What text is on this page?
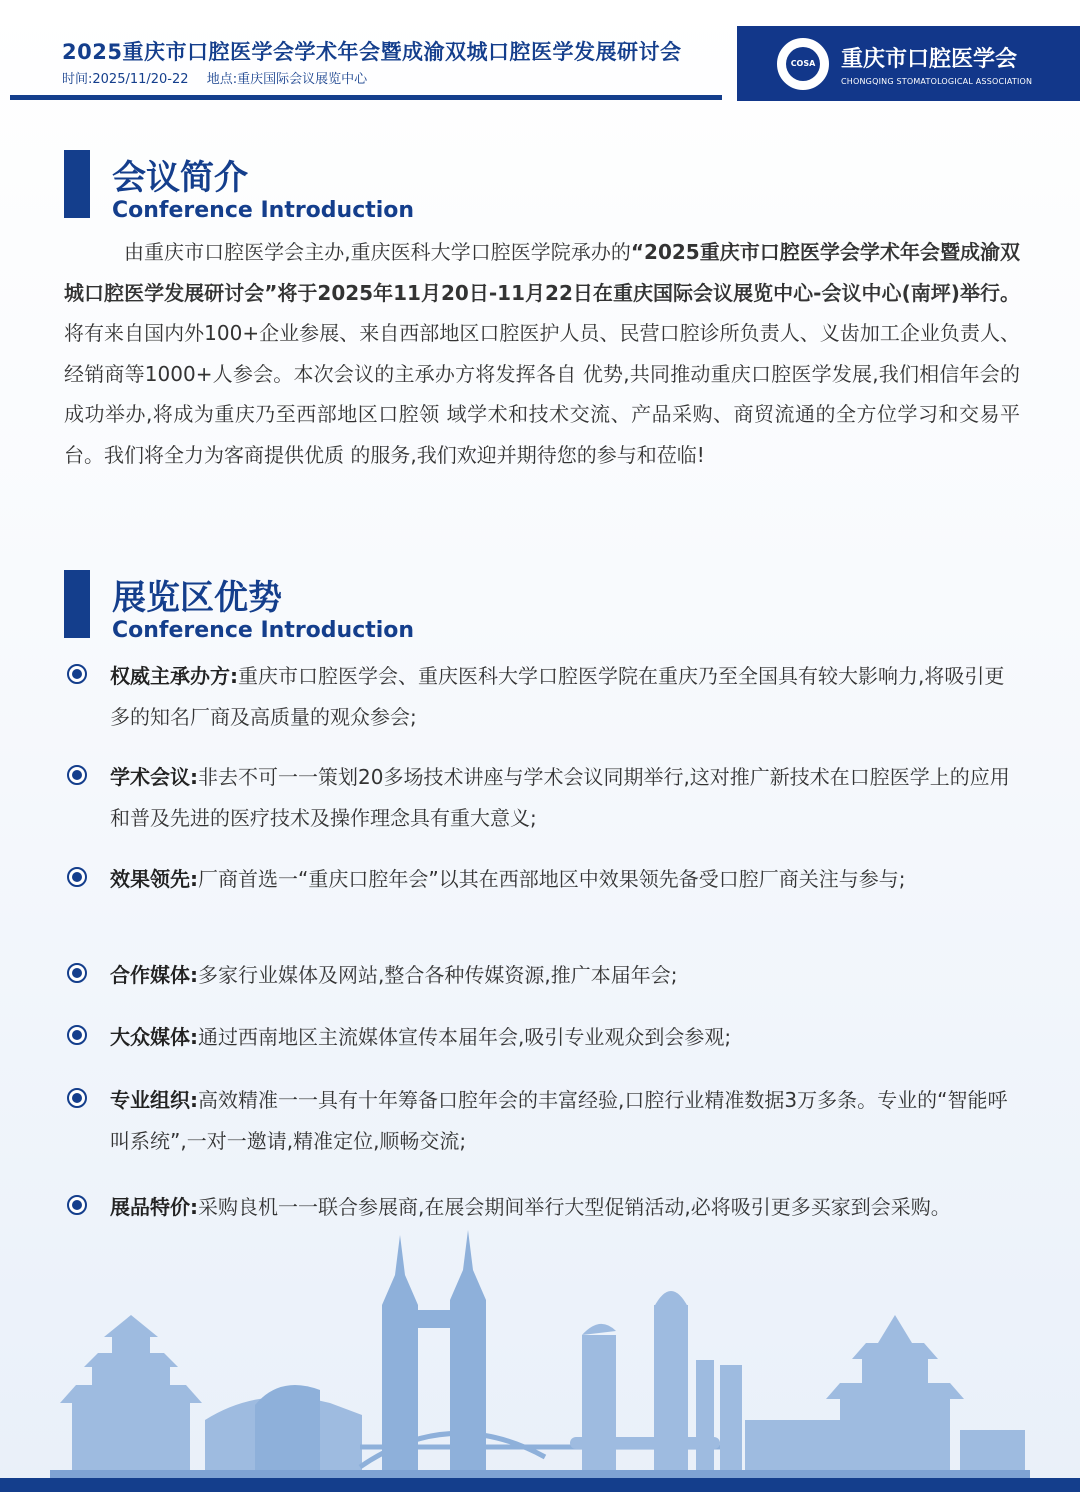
2025重庆市口腔医学会学术年会暨成渝双城口腔医学发展研讨会
时间:2025/11/20-22 地点:重庆国际会议展览中心
COSA 重庆市口腔医学会
CHONGQING STOMATOLOGICAL ASSOCIATION
会议简介
Conference Introduction
由重庆市口腔医学会主办,重庆医科大学口腔医学院承办的“2025重庆市口腔医学会学术年会暨成渝双城口腔医学发展研讨会”将于2025年11月20日-11月22日在重庆国际会议展览中心-会议中心(南坪)举行。将有来自国内外100+企业参展、来自西部地区口腔医护人员、民营口腔诊所负责人、义齿加工企业负责人、经销商等1000+人参会。本次会议的主承办方将发挥各自 优势,共同推动重庆口腔医学发展,我们相信年会的成功举办,将成为重庆乃至西部地区口腔领 域学术和技术交流、产品采购、商贸流通的全方位学习和交易平台。我们将全力为客商提供优质 的服务,我们欢迎并期待您的参与和莅临!
展览区优势
Conference Introduction
权威主承办方:重庆市口腔医学会、重庆医科大学口腔医学院在重庆乃至全国具有较大影响力,将吸引更多的知名厂商及高质量的观众参会;
学术会议:非去不可一一策划20多场技术讲座与学术会议同期举行,这对推广新技术在口腔医学上的应用和普及先进的医疗技术及操作理念具有重大意义;
效果领先:厂商首选一“重庆口腔年会”以其在西部地区中效果领先备受口腔厂商关注与参与;
合作媒体:多家行业媒体及网站,整合各种传媒资源,推广本届年会;
大众媒体:通过西南地区主流媒体宣传本届年会,吸引专业观众到会参观;
专业组织:高效精准一一具有十年筹备口腔年会的丰富经验,口腔行业精准数据3万多条。专业的“智能呼叫系统”,一对一邀请,精准定位,顺畅交流;
展品特价:采购良机一一联合参展商,在展会期间举行大型促销活动,必将吸引更多买家到会采购。
